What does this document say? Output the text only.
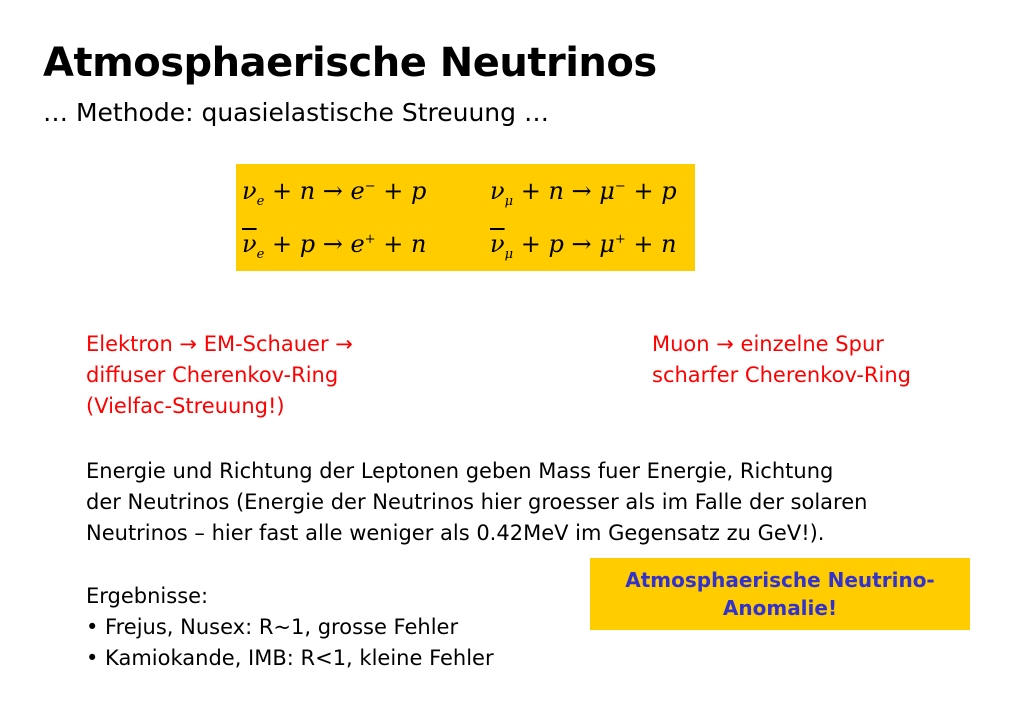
Atmosphaerische Neutrinos
… Methode: quasielastische Streuung …
$\nu_e + n \to e^- + p$	$\nu_\mu + n \to \mu^- + p$
$\overline{\nu}_e + p \to e^+ + n$	$\overline{\nu}_\mu + p \to \mu^+ + n$
Elektron → EM-Schauer →
diffuser Cherenkov-Ring
(Vielfac-Streuung!)
Muon → einzelne Spur
scharfer Cherenkov-Ring
Energie und Richtung der Leptonen geben Mass fuer Energie, Richtung
der Neutrinos (Energie der Neutrinos hier groesser als im Falle der solaren
Neutrinos – hier fast alle weniger als 0.42MeV im Gegensatz zu GeV!).
Ergebnisse:
• Frejus, Nusex: R~1, grosse Fehler
• Kamiokande, IMB: R<1, kleine Fehler
Atmosphaerische Neutrino-
Anomalie!
